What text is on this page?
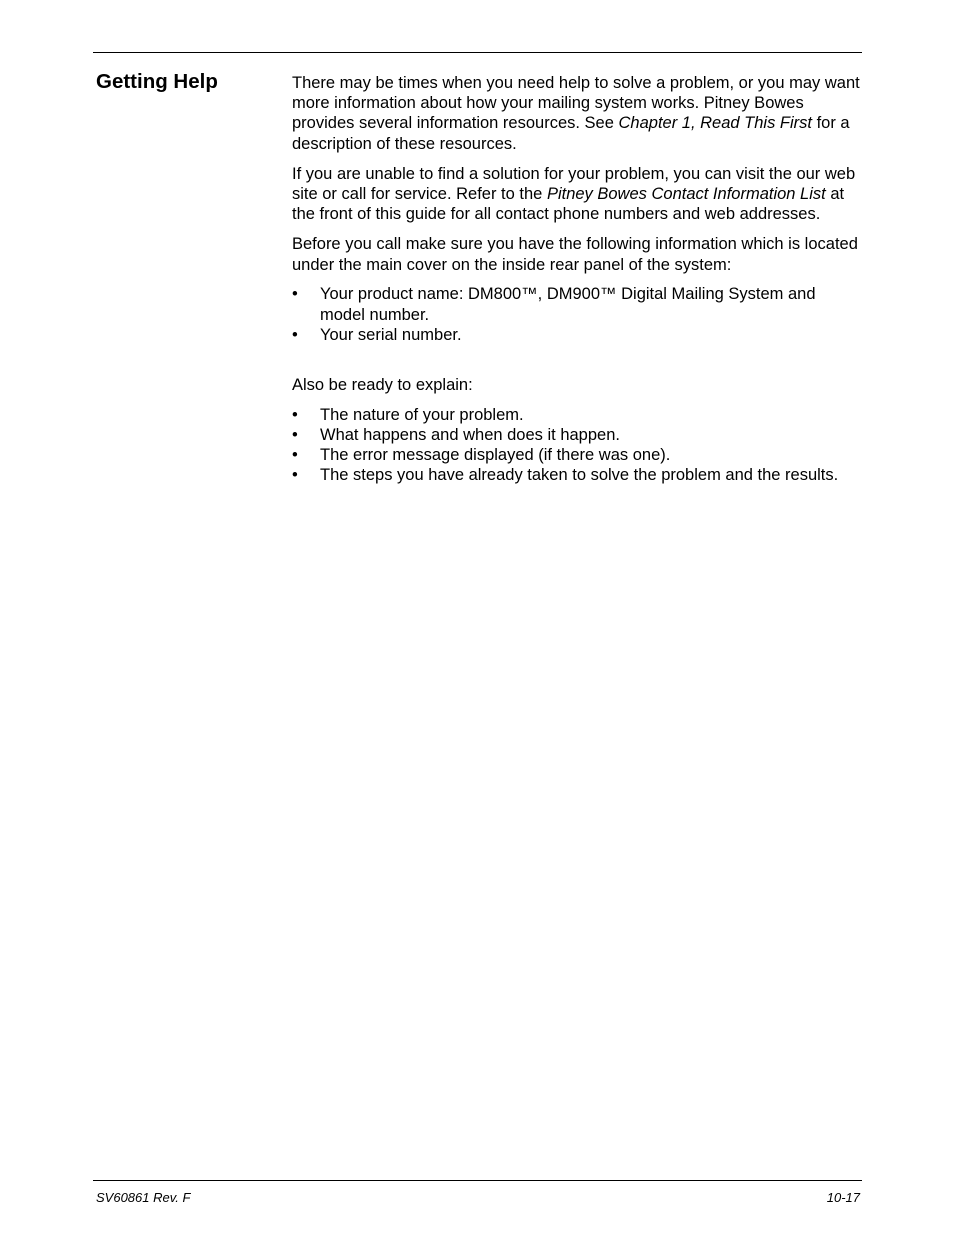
Getting Help	There may be times when you need help to solve a problem, or you may want more information about how your mailing system works. Pitney Bowes provides several information resources. See Chapter 1, Read This First for a description of these resources.

If you are unable to find a solution for your problem, you can visit the our web site or call for service. Refer to the Pitney Bowes Contact Information List at the front of this guide for all contact phone numbers and web addresses.

Before you call make sure you have the following information which is located under the main cover on the inside rear panel of the system:

• Your product name: DM800™, DM900™ Digital Mailing System and model number.
• Your serial number.

Also be ready to explain:

• The nature of your problem.
• What happens and when does it happen.
• The error message displayed (if there was one).
• The steps you have already taken to solve the problem and the results.
SV60861 Rev. F	10-17
